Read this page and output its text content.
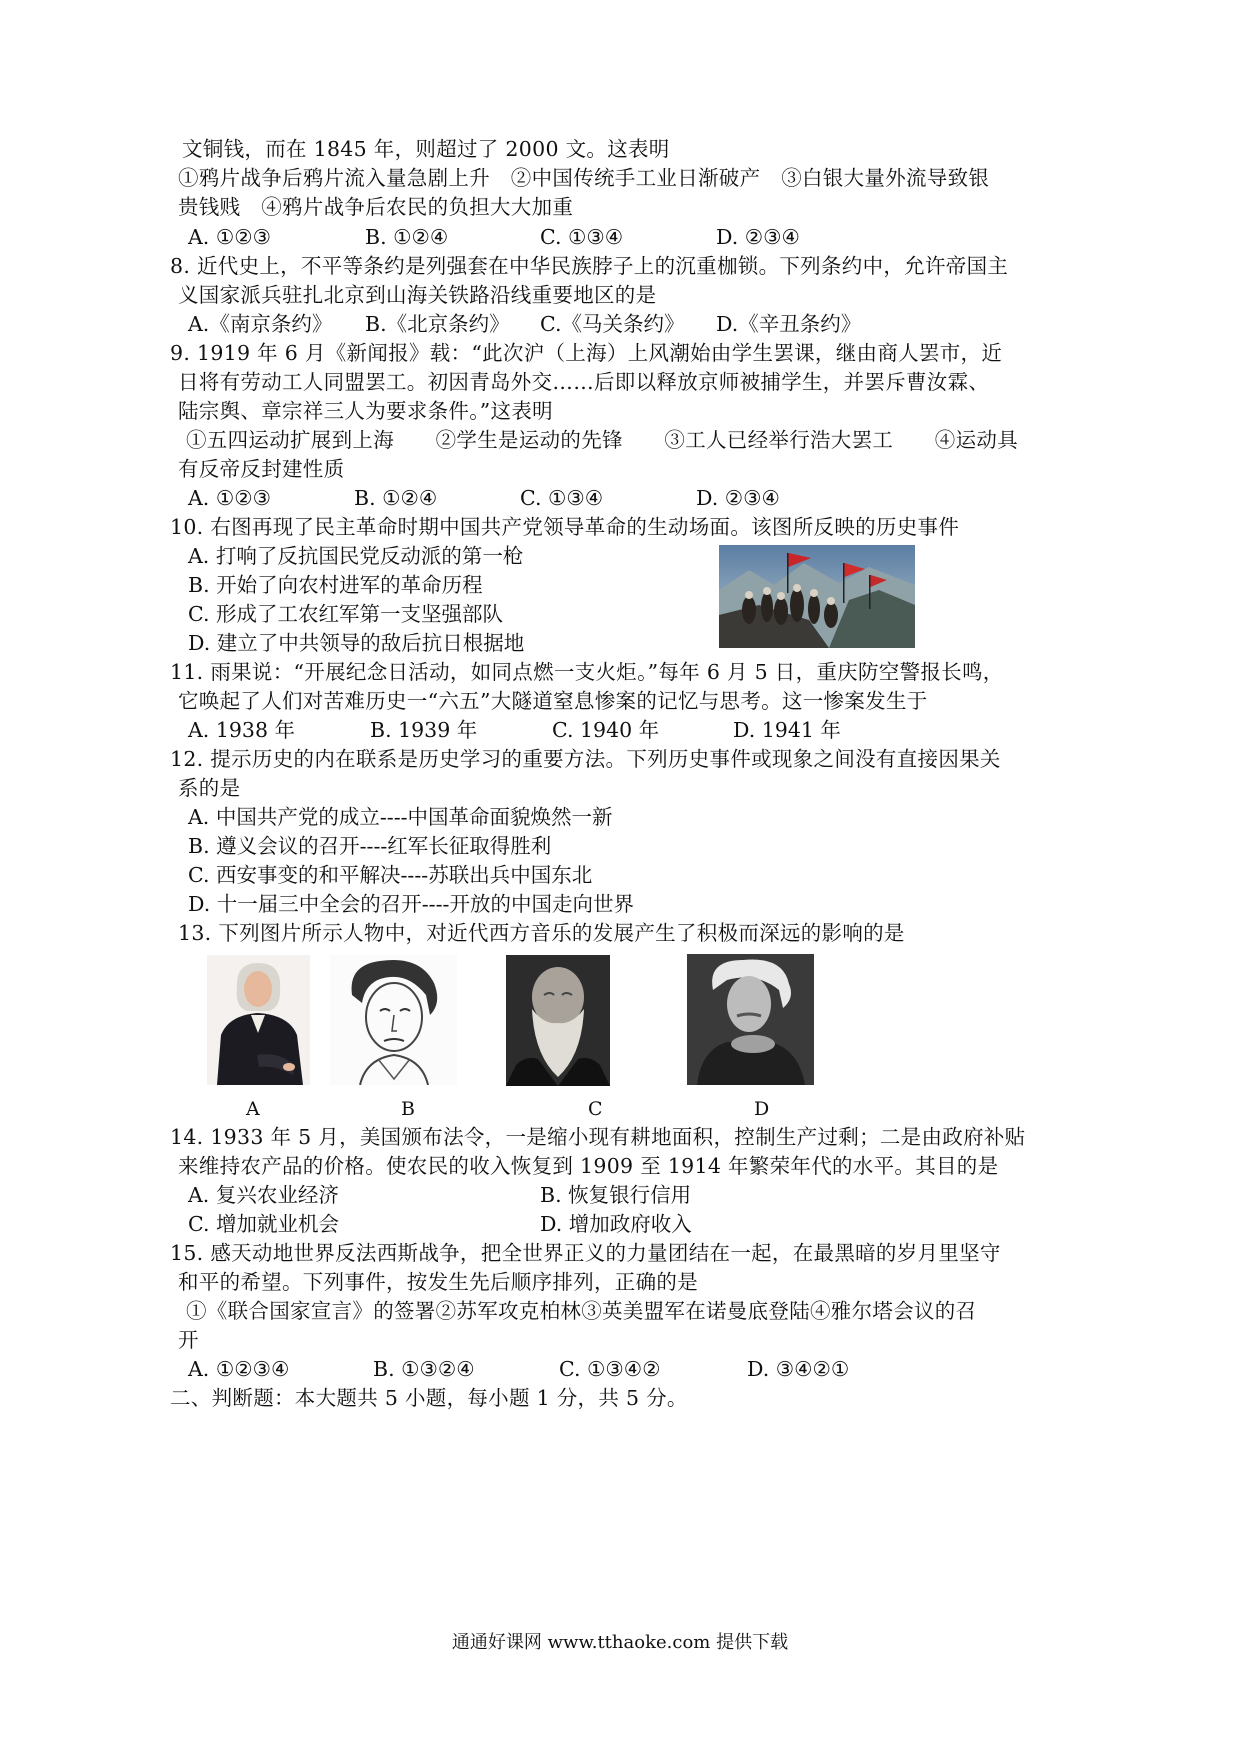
文铜钱，而在 1845 年，则超过了 2000 文。这表明
①鸦片战争后鸦片流入量急剧上升　②中国传统手工业日渐破产　③白银大量外流导致银
贵钱贱　④鸦片战争后农民的负担大大加重
A. ①②③	B. ①②④	C. ①③④	D. ②③④
8. 近代史上，不平等条约是列强套在中华民族脖子上的沉重枷锁。下列条约中，允许帝国主
义国家派兵驻扎北京到山海关铁路沿线重要地区的是
A.《南京条约》 B.《北京条约》 C.《马关条约》 D.《辛丑条约》
9. 1919 年 6 月《新闻报》载：“此次沪（上海）上风潮始由学生罢课，继由商人罢市，近
日将有劳动工人同盟罢工。初因青岛外交……后即以释放京师被捕学生，并罢斥曹汝霖、
陆宗舆、章宗祥三人为要求条件。”这表明
①五四运动扩展到上海　　②学生是运动的先锋　　③工人已经举行浩大罢工　　④运动具
有反帝反封建性质
A. ①②③	B. ①②④	C. ①③④	D. ②③④
10. 右图再现了民主革命时期中国共产党领导革命的生动场面。该图所反映的历史事件
A. 打响了反抗国民党反动派的第一枪
B. 开始了向农村进军的革命历程
C. 形成了工农红军第一支坚强部队
D. 建立了中共领导的敌后抗日根据地
11. 雨果说：“开展纪念日活动，如同点燃一支火炬。”每年 6 月 5 日，重庆防空警报长鸣，
它唤起了人们对苦难历史一“六五”大隧道窒息惨案的记忆与思考。这一惨案发生于
A. 1938 年	B. 1939 年	C. 1940 年	D. 1941 年
12. 提示历史的内在联系是历史学习的重要方法。下列历史事件或现象之间没有直接因果关
系的是
A. 中国共产党的成立----中国革命面貌焕然一新
B. 遵义会议的召开----红军长征取得胜利
C. 西安事变的和平解决----苏联出兵中国东北
D. 十一届三中全会的召开----开放的中国走向世界
13. 下列图片所示人物中，对近代西方音乐的发展产生了积极而深远的影响的是
A	B	C	D
14. 1933 年 5 月，美国颁布法令，一是缩小现有耕地面积，控制生产过剩；二是由政府补贴
来维持农产品的价格。使农民的收入恢复到 1909 至 1914 年繁荣年代的水平。其目的是
A. 复兴农业经济	B. 恢复银行信用
C. 增加就业机会	D. 增加政府收入
15. 感天动地世界反法西斯战争，把全世界正义的力量团结在一起，在最黑暗的岁月里坚守
和平的希望。下列事件，按发生先后顺序排列，正确的是
①《联合国家宣言》的签署②苏军攻克柏林③英美盟军在诺曼底登陆④雅尔塔会议的召
开
A. ①②③④	B. ①③②④	C. ①③④②	D. ③④②①
二、判断题：本大题共 5 小题，每小题 1 分，共 5 分。
通通好课网 www.tthaoke.com 提供下载
